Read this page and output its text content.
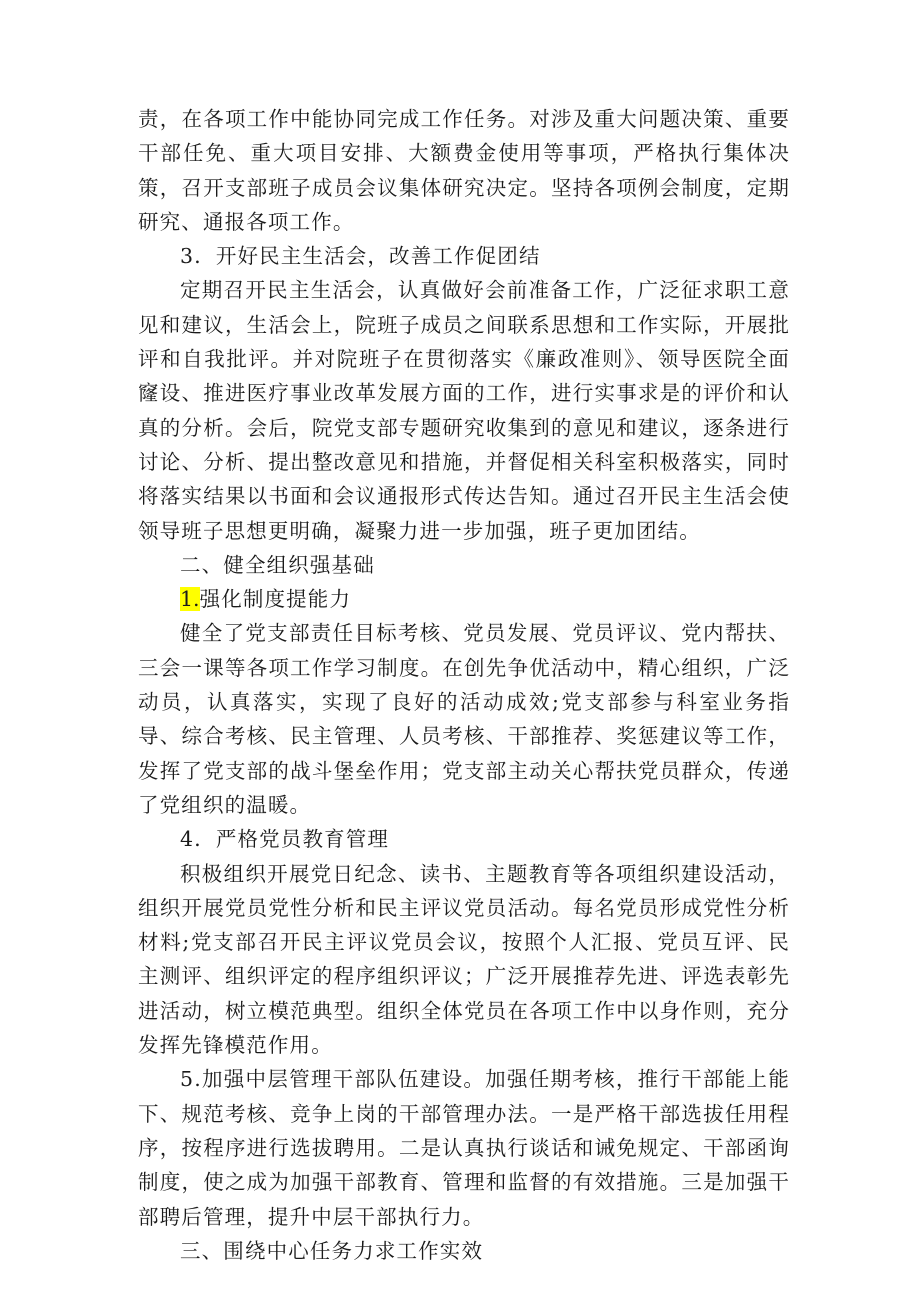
责，在各项工作中能协同完成工作任务。对涉及重大问题决策、重要干部任免、重大项目安排、大额费金使用等事项，严格执行集体决策，召开支部班子成员会议集体研究决定。坚持各项例会制度，定期研究、通报各项工作。

3．开好民主生活会，改善工作促团结

定期召开民主生活会，认真做好会前准备工作，广泛征求职工意见和建议，生活会上，院班子成员之间联系思想和工作实际，开展批评和自我批评。并对院班子在贯彻落实《廉政准则》、领导医院全面窿设、推进医疗事业改革发展方面的工作，进行实事求是的评价和认真的分析。会后，院党支部专题研究收集到的意见和建议，逐条进行讨论、分析、提出整改意见和措施，并督促相关科室积极落实，同时将落实结果以书面和会议通报形式传达告知。通过召开民主生活会使领导班子思想更明确，凝聚力进一步加强，班子更加团结。

二、健全组织强基础

1.强化制度提能力

健全了党支部责任目标考核、党员发展、党员评议、党内帮扶、三会一课等各项工作学习制度。在创先争优活动中，精心组织，广泛动员，认真落实，实现了良好的活动成效;党支部参与科室业务指导、综合考核、民主管理、人员考核、干部推荐、奖惩建议等工作，发挥了党支部的战斗堡垒作用；党支部主动关心帮扶党员群众，传递了党组织的温暖。

4．严格党员教育管理

积极组织开展党日纪念、读书、主题教育等各项组织建设活动，组织开展党员党性分析和民主评议党员活动。每名党员形成党性分析材料;党支部召开民主评议党员会议，按照个人汇报、党员互评、民主测评、组织评定的程序组织评议；广泛开展推荐先进、评选表彰先进活动，树立模范典型。组织全体党员在各项工作中以身作则，充分发挥先锋模范作用。

5.加强中层管理干部队伍建设。加强任期考核，推行干部能上能下、规范考核、竞争上岗的干部管理办法。一是严格干部选拔任用程序，按程序进行选拔聘用。二是认真执行谈话和诫免规定、干部函询制度，使之成为加强干部教育、管理和监督的有效措施。三是加强干部聘后管理，提升中层干部执行力。

三、围绕中心任务力求工作实效
